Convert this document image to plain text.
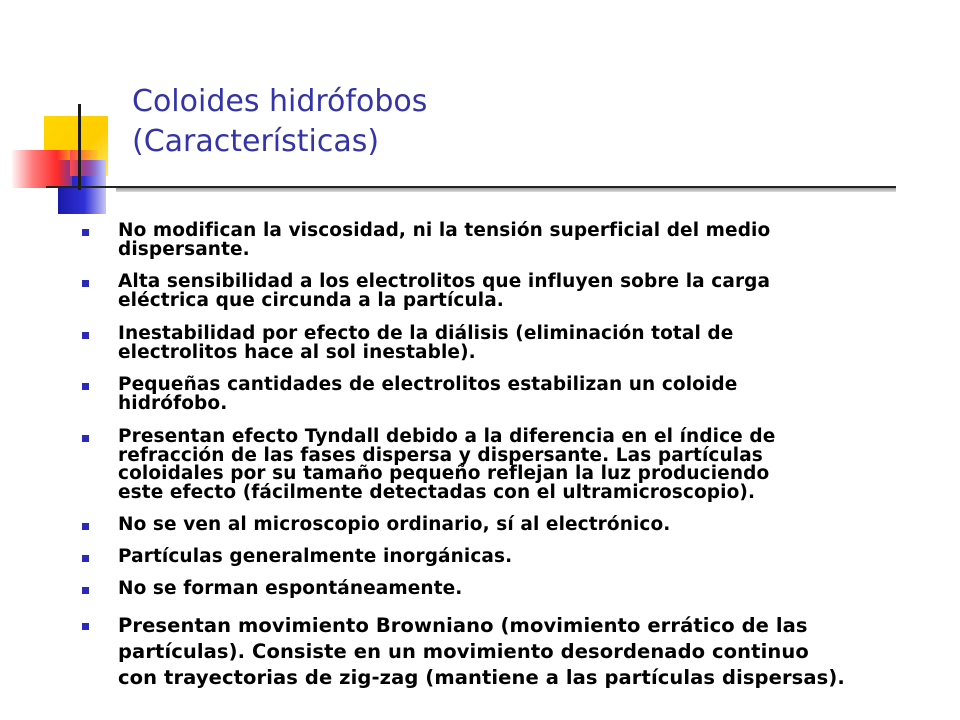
Coloides hidrófobos
(Características)
No modifican la viscosidad, ni la tensión superficial del medio
dispersante.
Alta sensibilidad a los electrolitos que influyen sobre la carga
eléctrica que circunda a la partícula.
Inestabilidad por efecto de la diálisis (eliminación total de
electrolitos hace al sol inestable).
Pequeñas cantidades de electrolitos estabilizan un coloide
hidrófobo.
Presentan efecto Tyndall debido a la diferencia en el índice de
refracción de las fases dispersa y dispersante. Las partículas
coloidales por su tamaño pequeño reflejan la luz produciendo
este efecto (fácilmente detectadas con el ultramicroscopio).
No se ven al microscopio ordinario, sí al electrónico.
Partículas generalmente inorgánicas.
No se forman espontáneamente.
Presentan movimiento Browniano (movimiento errático de las
partículas). Consiste en un movimiento desordenado continuo
con trayectorias de zig-zag (mantiene a las partículas dispersas).
